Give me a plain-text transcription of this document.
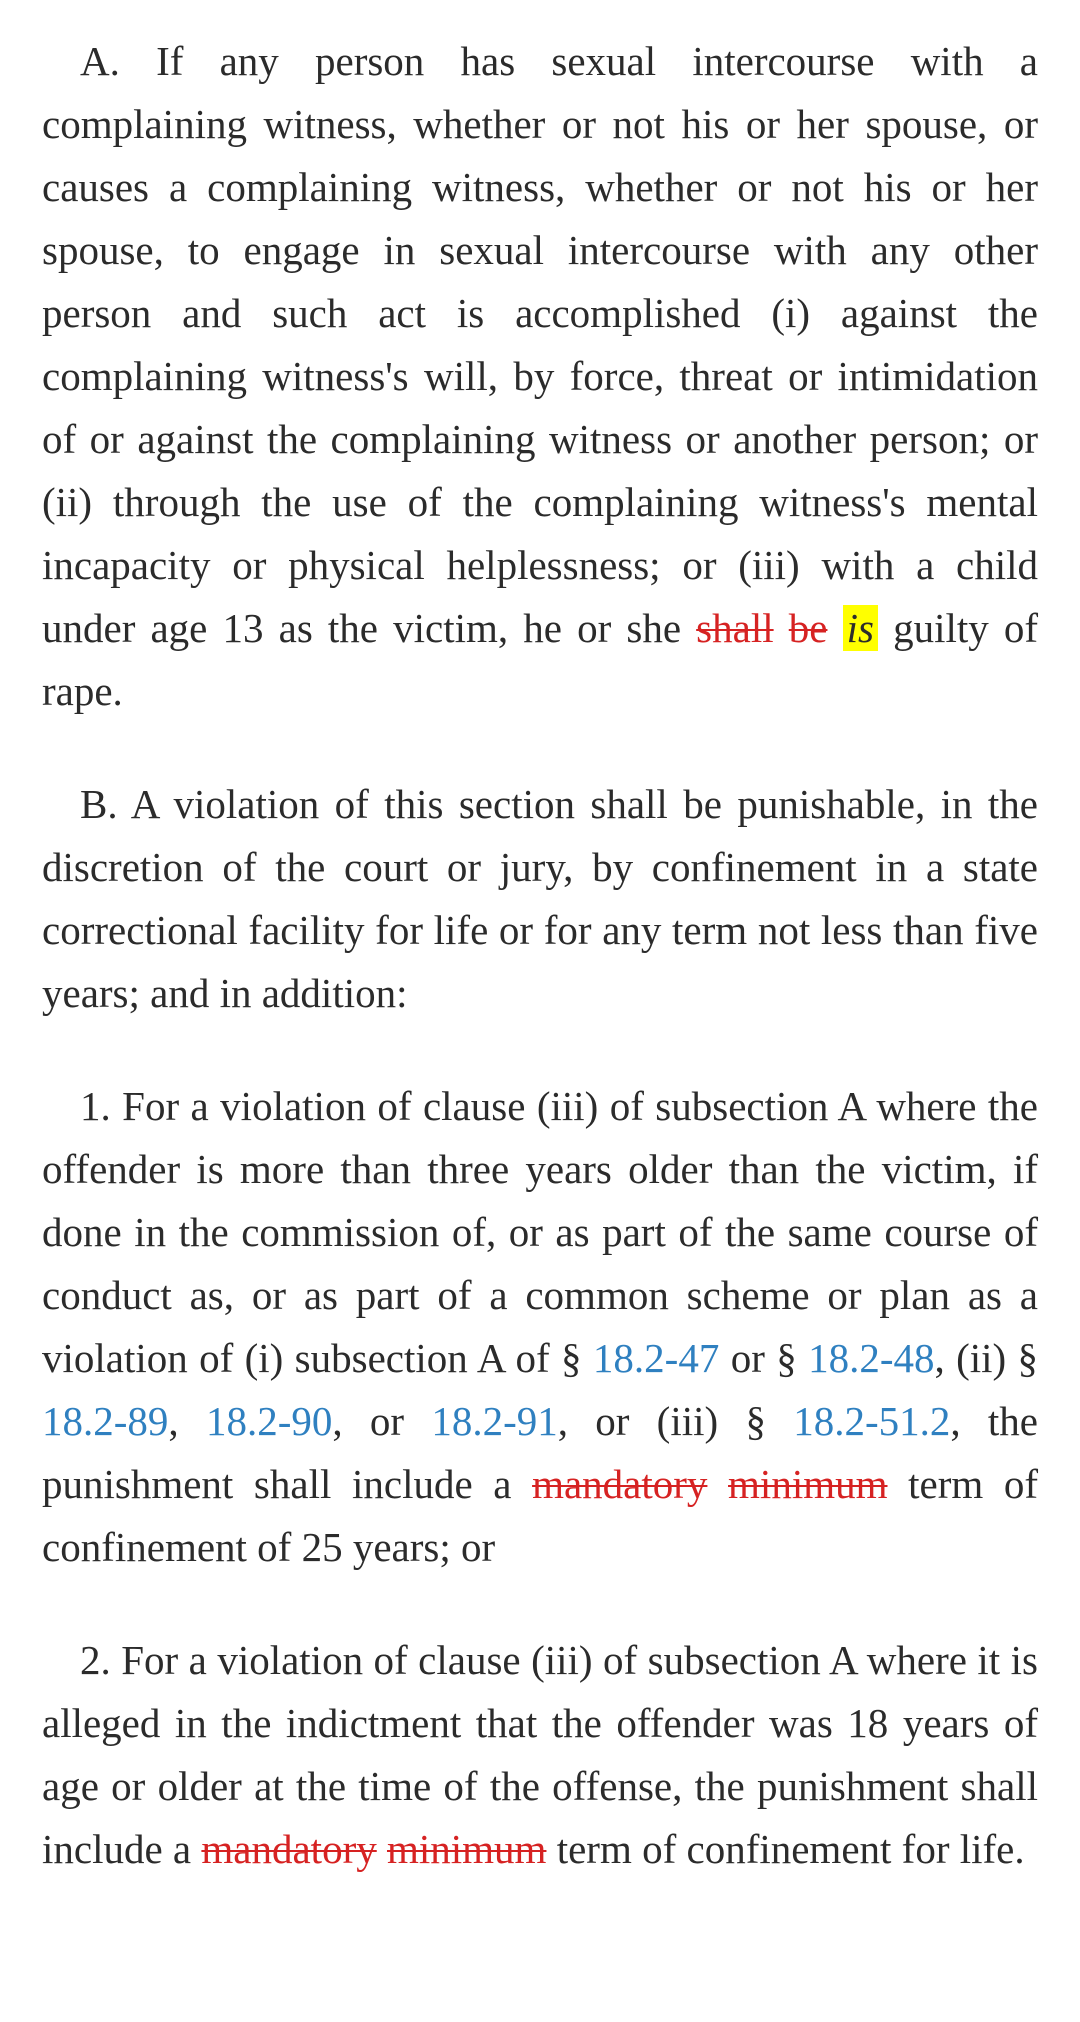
A. If any person has sexual intercourse with a complaining witness, whether or not his or her spouse, or causes a complaining witness, whether or not his or her spouse, to engage in sexual intercourse with any other person and such act is accomplished (i) against the complaining witness's will, by force, threat or intimidation of or against the complaining witness or another person; or (ii) through the use of the complaining witness's mental incapacity or physical helplessness; or (iii) with a child under age 13 as the victim, he or she shall be is guilty of rape.

B. A violation of this section shall be punishable, in the discretion of the court or jury, by confinement in a state correctional facility for life or for any term not less than five years; and in addition:

1. For a violation of clause (iii) of subsection A where the offender is more than three years older than the victim, if done in the commission of, or as part of the same course of conduct as, or as part of a common scheme or plan as a violation of (i) subsection A of § 18.2-47 or § 18.2-48, (ii) § 18.2-89, 18.2-90, or 18.2-91, or (iii) § 18.2-51.2, the punishment shall include a mandatory minimum term of confinement of 25 years; or

2. For a violation of clause (iii) of subsection A where it is alleged in the indictment that the offender was 18 years of age or older at the time of the offense, the punishment shall include a mandatory minimum term of confinement for life.
